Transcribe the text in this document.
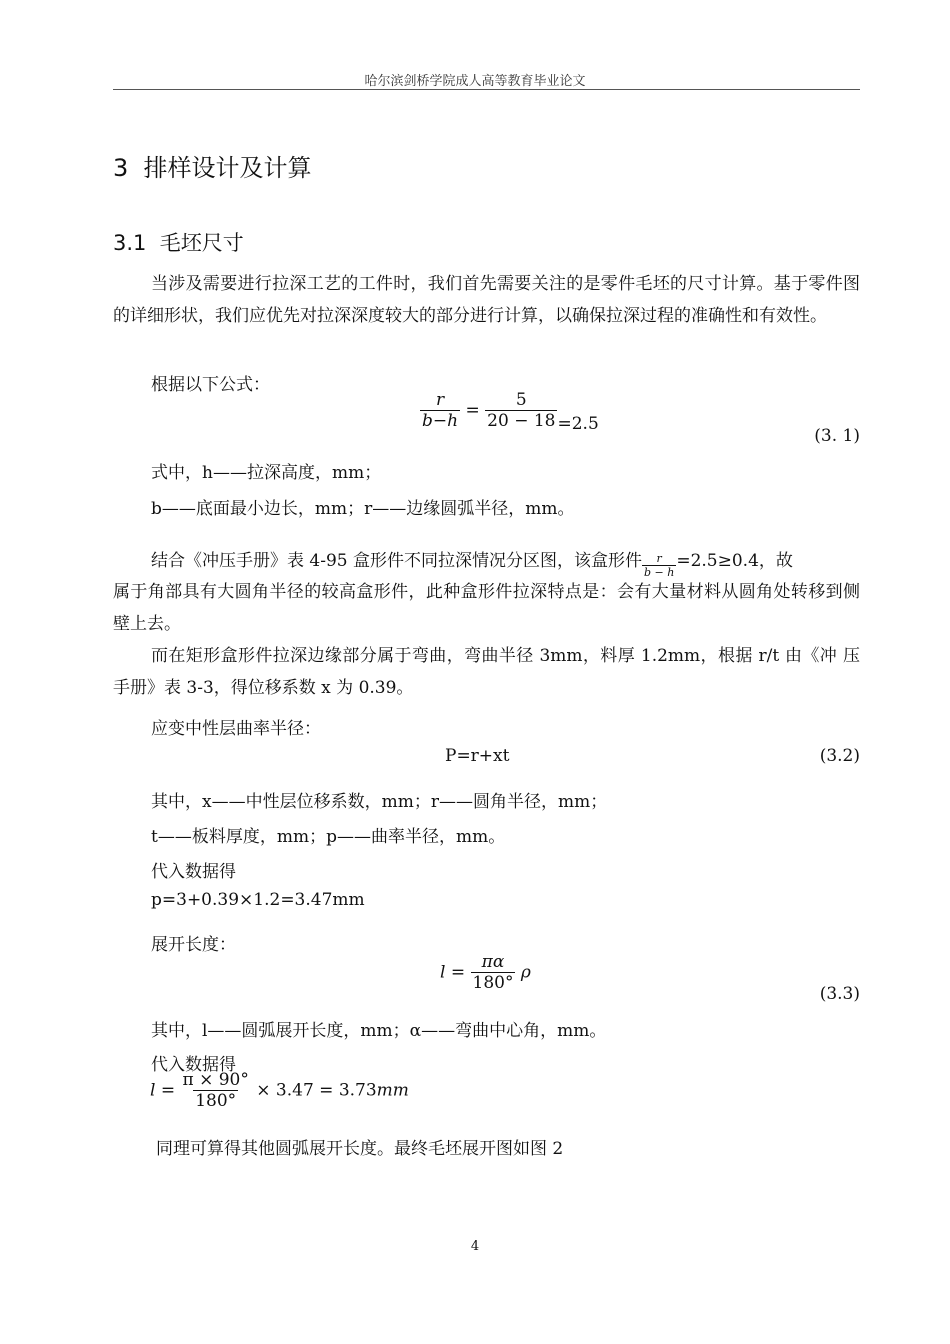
哈尔滨剑桥学院成人高等教育毕业论文
3 排样设计及计算
3.1 毛坯尺寸
当涉及需要进行拉深工艺的工件时，我们首先需要关注的是零件毛坯的尺寸计算。基于零件图的详细形状，我们应优先对拉深深度较大的部分进行计算，以确保拉深过程的准确性和有效性。
根据以下公式：
$\frac{r}{b-h} = \frac{5}{20 - 18} =2.5$
(3. 1)
式中，h——拉深高度，mm；
b——底面最小边长，mm；r——边缘圆弧半径，mm。
结合《冲压手册》表 4-95 盒形件不同拉深情况分区图，该盒形件 $\frac{r}{b - h} =2.5\ge 0.4$，故
属于角部具有大圆角半径的较高盒形件，此种盒形件拉深特点是：会有大量材料从圆角处转移到侧壁上去。
而在矩形盒形件拉深边缘部分属于弯曲，弯曲半径 3mm，料厚 1.2mm，根据 r/t 由《冲 压手册》表 3-3，得位移系数 x 为 0.39。
应变中性层曲率半径：
P=r+xt	(3.2)
其中，x——中性层位移系数，mm；r——圆角半径，mm；
t——板料厚度，mm；p——曲率半径，mm。
代入数据得
p=3+0.39×1.2=3.47mm
展开长度：
$l = \frac{\pi\alpha}{180^\circ}$ ρ
(3.3)
其中，l——圆弧展开长度，mm；α——弯曲中心角，mm。
代入数据得
$l = \frac{\pi \times 90^\circ}{180^\circ} \times 3.47 = 3.73mm$
同理可算得其他圆弧展开长度。最终毛坯展开图如图 2
4
